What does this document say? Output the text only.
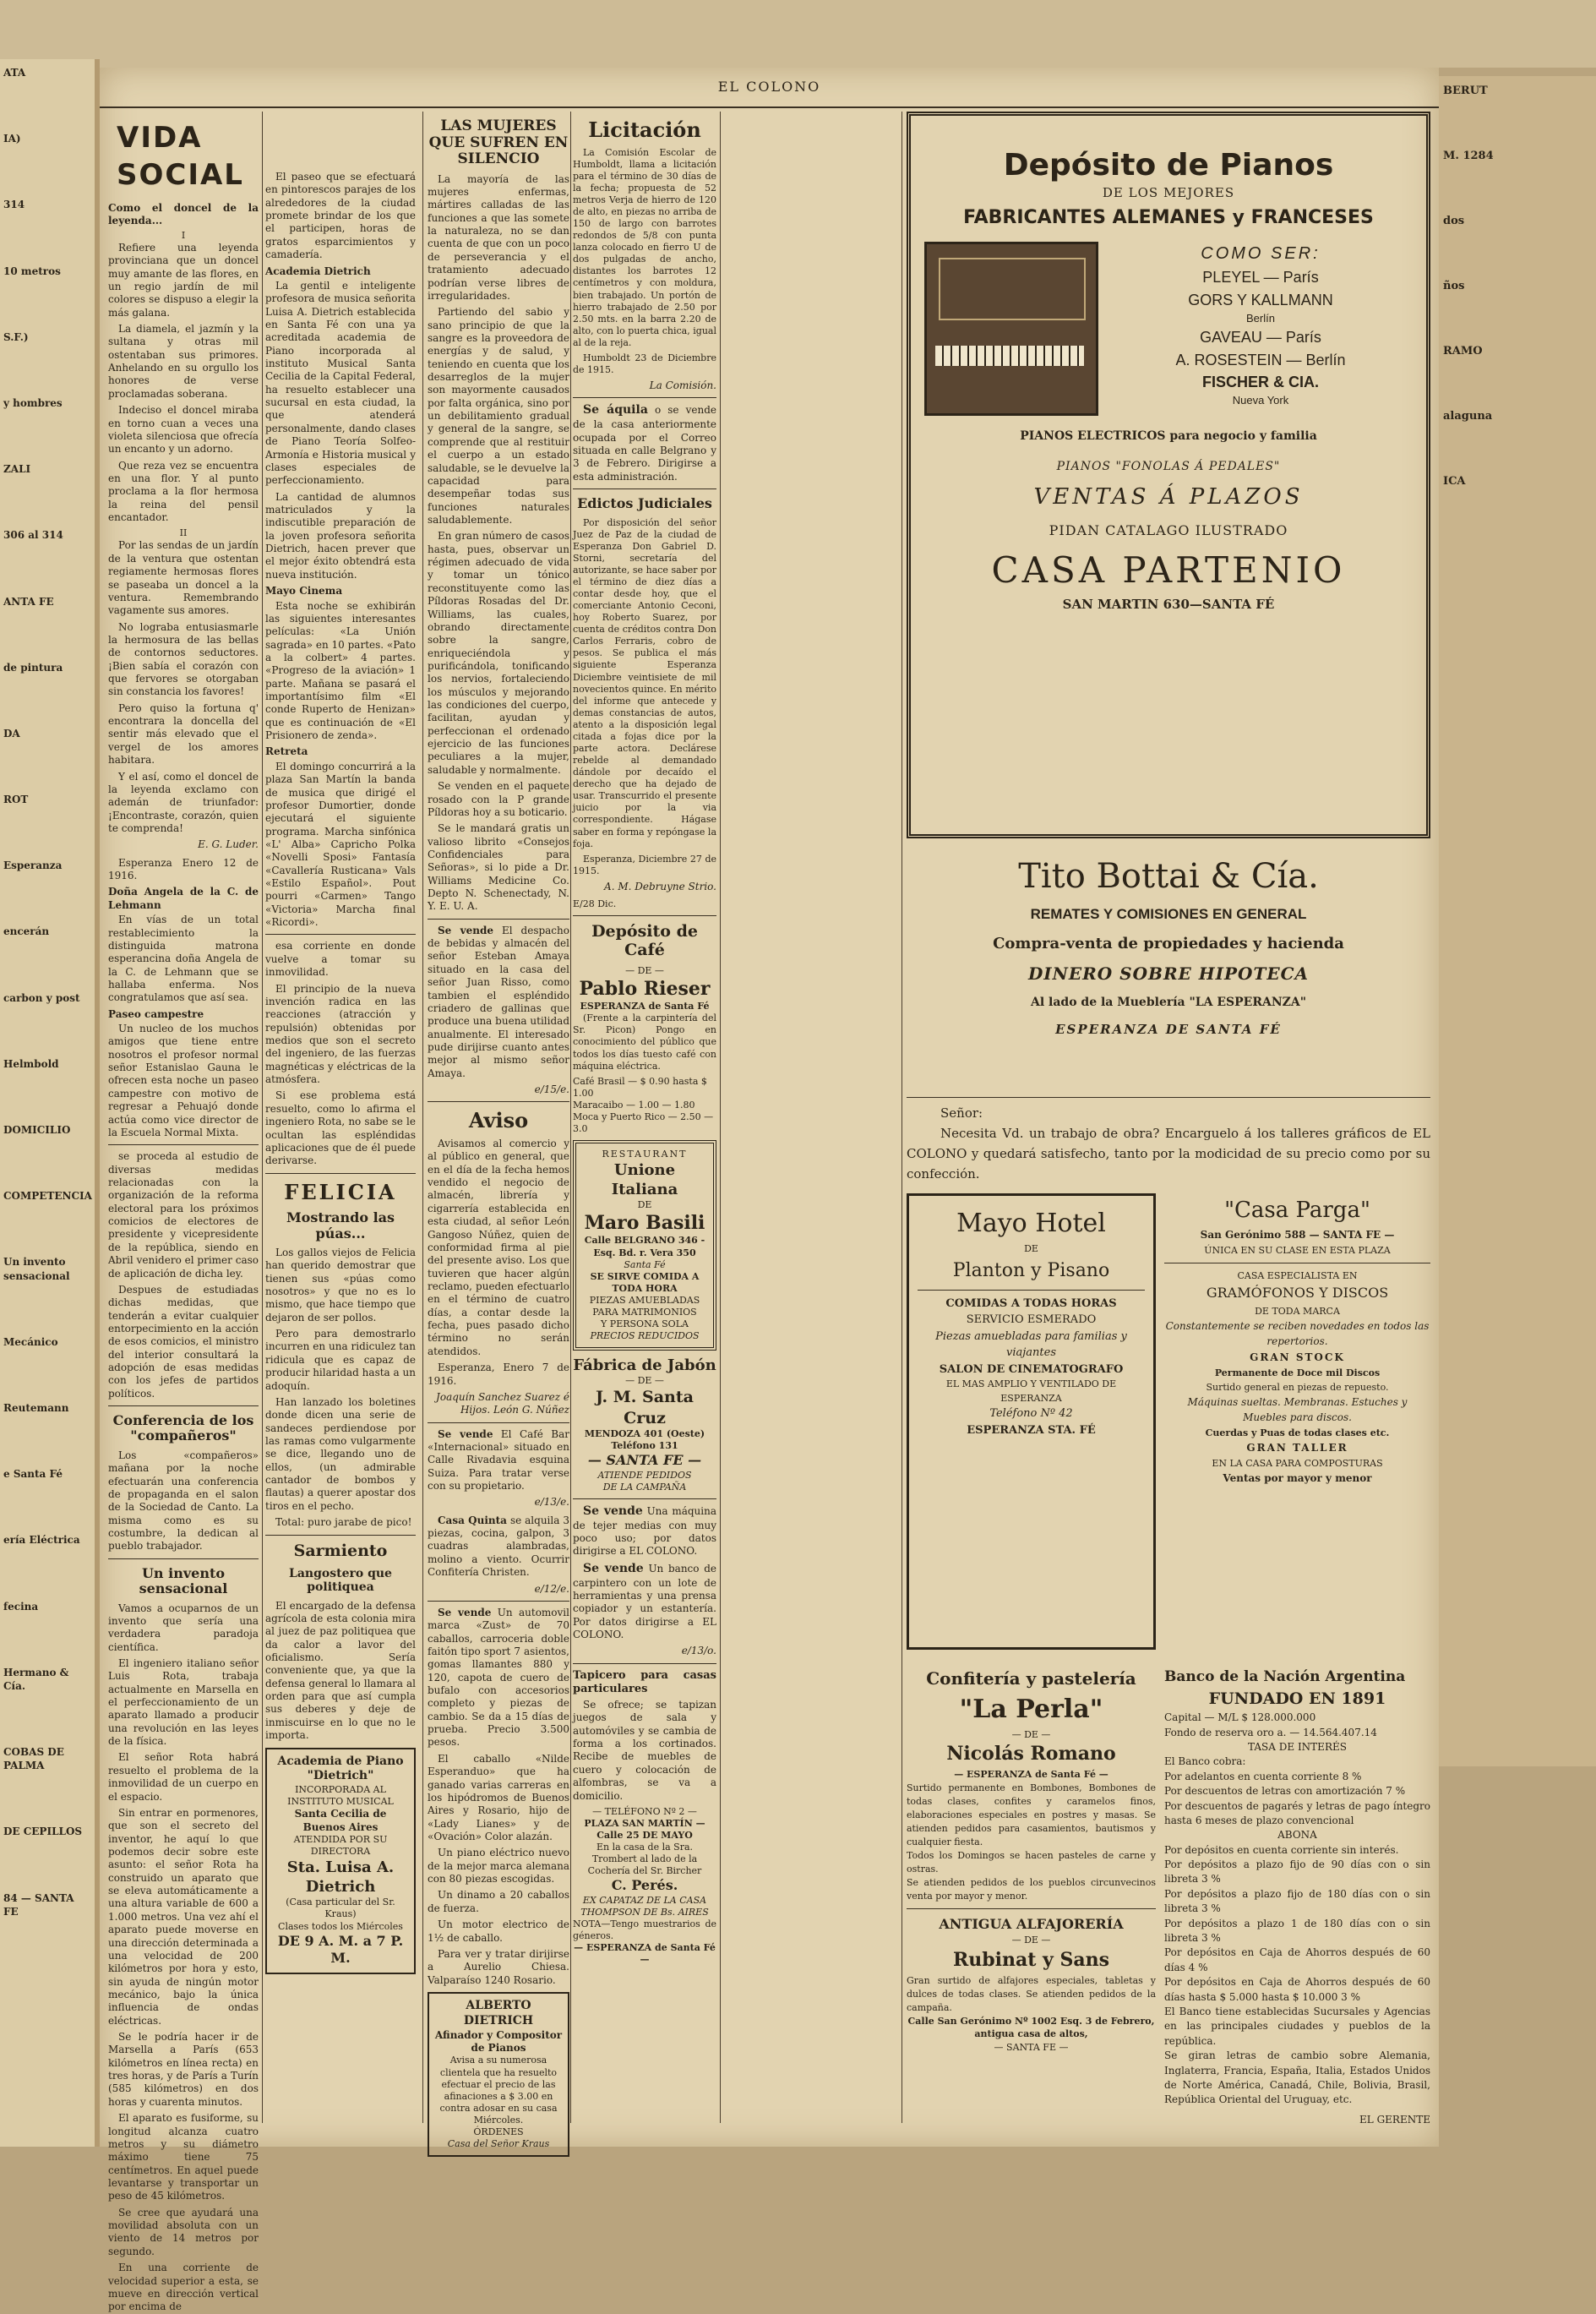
ATA
IA)
314
10 metros
S.F.)
y hombres
ZALI
306 al 314
ANTA FE
de pintura
DA
ROT
Esperanza
encerán
carbon y post
Helmbold
DOMICILIO
COMPETENCIA
Un invento sensacional
Mecánico
Reutemann
e Santa Fé
ería Eléctrica
fecina
Hermano & Cía.
COBAS DE PALMA
DE CEPILLOS
84 — SANTA FE
BERUT
M. 1284
dos
ños
RAMO
alaguna
ICA
EL COLONO
VIDA SOCIAL
Como el doncel de la leyenda...
I
Refiere una leyenda provinciana que un doncel muy amante de las flores, en un regio jardín de mil colores se dispuso a elegir la más galana.
La diamela, el jazmín y la sultana y otras mil ostentaban sus primores. Anhelando en su orgullo los honores de verse proclamadas soberana.
Indeciso el doncel miraba en torno cuan a veces una violeta silenciosa que ofrecía un encanto y un adorno.
Que reza vez se encuentra en una flor. Y al punto proclama a la flor hermosa la reina del pensil encantador.
II
Por las sendas de un jardín de la ventura que ostentan regiamente hermosas flores se paseaba un doncel a la ventura. Remembrando vagamente sus amores.
No lograba entusiasmarle la hermosura de las bellas de contornos seductores. ¡Bien sabía el corazón con que fervores se otorgaban sin constancia los favores!
Pero quiso la fortuna q' encontrara la doncella del sentir más elevado que el vergel de los amores habitara.
Y el así, como el doncel de la leyenda exclamo con ademán de triunfador: ¡Encontraste, corazón, quien te comprenda!
E. G. Luder.
Esperanza Enero 12 de 1916.
Doña Angela de la C. de Lehmann
En vías de un total restablecimiento la distinguida matrona esperancina doña Angela de la C. de Lehmann que se hallaba enferma. Nos congratulamos que así sea.
Paseo campestre
Un nucleo de los muchos amigos que tiene entre nosotros el profesor normal señor Estanislao Gauna le ofrecen esta noche un paseo campestre con motivo de regresar a Pehuajó donde actúa como vice director de la Escuela Normal Mixta.
se proceda al estudio de diversas medidas relacionadas con la organización de la reforma electoral para los próximos comicios de electores de presidente y vicepresidente de la república, siendo en Abril venidero el primer caso de aplicación de dicha ley.
Despues de estudiadas dichas medidas, que tenderán a evitar cualquier entorpecimiento en la acción de esos comicios, el ministro del interior consultará la adopción de esas medidas con los jefes de partidos políticos.
Conferencia de los "compañeros"
Los «compañeros» mañana por la noche efectuarán una conferencia de propaganda en el salon de la Sociedad de Canto. La misma como es su costumbre, la dedican al pueblo trabajador.
Un invento sensacional
Vamos a ocuparnos de un invento que sería una verdadera paradoja científica.
El ingeniero italiano señor Luis Rota, trabaja actualmente en Marsella en el perfeccionamiento de un aparato llamado a producir una revolución en las leyes de la física.
El señor Rota habrá resuelto el problema de la inmovilidad de un cuerpo en el espacio.
Sin entrar en pormenores, que son el secreto del inventor, he aquí lo que podemos decir sobre este asunto: el señor Rota ha construido un aparato que se eleva automáticamente a una altura variable de 600 a 1.000 metros. Una vez ahí el aparato puede moverse en una dirección determinada a una velocidad de 200 kilómetros por hora y esto, sin ayuda de ningún motor mecánico, bajo la única influencia de ondas eléctricas.
Se le podría hacer ir de Marsella a París (653 kilómetros en línea recta) en tres horas, y de París a Turín (585 kilómetros) en dos horas y cuarenta minutos.
El aparato es fusiforme, su longitud alcanza cuatro metros y su diámetro máximo tiene 75 centímetros. En aquel puede levantarse y transportar un peso de 45 kilómetros.
Se cree que ayudará una movilidad absoluta con un viento de 14 metros por segundo.
En una corriente de velocidad superior a esta, se mueve en dirección vertical por encima de
El paseo que se efectuará en pintorescos parajes de los alrededores de la ciudad promete brindar de los que el participen, horas de gratos esparcimientos y camadería.
Academia Dietrich
La gentil e inteligente profesora de musica señorita Luisa A. Dietrich establecida en Santa Fé con una ya acreditada academia de Piano incorporada al instituto Musical Santa Cecilia de la Capital Federal, ha resuelto establecer una sucursal en esta ciudad, la que atenderá personalmente, dando clases de Piano Teoría Solfeo-Armonía e Historia musical y clases especiales de perfeccionamiento.
La cantidad de alumnos matriculados y la indiscutible preparación de la joven profesora señorita Dietrich, hacen prever que el mejor éxito obtendrá esta nueva institución.
Mayo Cinema
Esta noche se exhibirán las siguientes interesantes películas: «La Unión sagrada» en 10 partes. «Pato a la colbert» 4 partes. «Progreso de la aviación» 1 parte. Mañana se pasará el importantísimo film «El conde Ruperto de Henizan» que es continuación de «El Prisionero de zenda».
Retreta
El domingo concurrirá a la plaza San Martín la banda de musica que dirigé el profesor Dumortier, donde ejecutará el siguiente programa. Marcha sinfónica «L' Alba» Capricho Polka «Novelli Sposi» Fantasía «Cavallería Rusticana» Vals «Estilo Español». Pout pourri «Carmen» Tango «Victoria» Marcha final «Ricordi».
esa corriente en donde vuelve a tomar su inmovilidad.
El principio de la nueva invención radica en las reacciones (atracción y repulsión) obtenidas por medios que son el secreto del ingeniero, de las fuerzas magnéticas y eléctricas de la atmósfera.
Si ese problema está resuelto, como lo afirma el ingeniero Rota, no sabe se le ocultan las espléndidas aplicaciones que de él puede derivarse.
FELICIA
Mostrando las púas...
Los gallos viejos de Felicia han querido demostrar que tienen sus «púas como nosotros» y que no es lo mismo, que hace tiempo que dejaron de ser pollos.
Pero para demostrarlo incurren en una ridiculez tan ridicula que es capaz de producir hilaridad hasta a un adoquín.
Han lanzado los boletines donde dicen una serie de sandeces perdiendose por las ramas como vulgarmente se dice, llegando uno de ellos, (un admirable cantador de bombos y flautas) a querer apostar dos tiros en el pecho.
Total: puro jarabe de pico!
Sarmiento
Langostero que politiquea
El encargado de la defensa agrícola de esta colonia mira al juez de paz politiquea que da calor a lavor del oficialismo. Sería conveniente que, ya que la defensa general lo llamara al orden para que así cumpla sus deberes y deje de inmiscuirse en lo que no le importa.
Academia de Piano "Dietrich"
INCORPORADA AL INSTITUTO MUSICAL
Santa Cecilia de Buenos Aires
ATENDIDA POR SU DIRECTORA
Sta. Luisa A. Dietrich
(Casa particular del Sr. Kraus)
Clases todos los Miércoles
DE 9 A. M. a 7 P. M.
LAS MUJERES QUE SUFREN EN SILENCIO
La mayoría de las mujeres enfermas, mártires calladas de las funciones a que las somete la naturaleza, no se dan cuenta de que con un poco de perseverancia y el tratamiento adecuado podrían verse libres de irregularidades.
Partiendo del sabio y sano principio de que la sangre es la proveedora de energías y de salud, y teniendo en cuenta que los desarreglos de la mujer son mayormente causados por falta orgánica, sino por un debilitamiento gradual y general de la sangre, se comprende que al restituir el cuerpo a un estado saludable, se le devuelve la capacidad para desempeñar todas sus funciones naturales saludablemente.
En gran número de casos hasta, pues, observar un régimen adecuado de vida y tomar un tónico reconstituyente como las Píldoras Rosadas del Dr. Williams, las cuales, obrando directamente sobre la sangre, enriqueciéndola y purificándola, tonificando los nervios, fortaleciendo los músculos y mejorando las condiciones del cuerpo, facilitan, ayudan y perfeccionan el ordenado ejercicio de las funciones peculiares a la mujer, saludable y normalmente.
Se venden en el paquete rosado con la P grande Píldoras hoy a su boticario.
Se le mandará gratis un valioso librito «Consejos Confidenciales para Señoras», si lo pide a Dr. Williams Medicine Co. Depto N. Schenectady, N. Y. E. U. A.
Se vende El despacho de bebidas y almacén del señor Esteban Amaya situado en la casa del señor Juan Risso, como tambien el espléndido criadero de gallinas que produce una buena utilidad anualmente. El interesado pude dirijirse cuanto antes mejor al mismo señor Amaya.
e/15/e.
Aviso
Avisamos al comercio y al público en general, que en el día de la fecha hemos vendido el negocio de almacén, librería y cigarrería establecida en esta ciudad, al señor León Gangoso Núñez, quien de conformidad firma al pie del presente aviso. Los que tuvieren que hacer algún reclamo, pueden efectuarlo en el término de cuatro días, a contar desde la fecha, pues pasado dicho término no serán atendidos.
Esperanza, Enero 7 de 1916.
Joaquín Sanchez Suarez é Hijos. León G. Núñez
Se vende El Café Bar «Internacional» situado en Calle Rivadavia esquina Suiza. Para tratar verse con su propietario.
e/13/e.
Casa Quinta se alquila 3 piezas, cocina, galpon, 3 cuadras alambradas, molino a viento. Ocurrir Confitería Christen.
e/12/e.
Se vende Un automovil marca «Zust» de 70 caballos, carroceria doble faitón tipo sport 7 asientos, gomas llamantes 880 y 120, capota de cuero de bufalo con accesorios completo y piezas de cambio. Se da a 15 días de prueba. Precio 3.500 pesos.
El caballo «Nilde Esperanduo» que ha ganado varias carreras en los hipódromos de Buenos Aires y Rosario, hijo de «Lady Lianes» y de «Ovación» Color alazán.
Un piano eléctrico nuevo de la mejor marca alemana con 80 piezas escogidas.
Un dinamo a 20 caballos de fuerza.
Un motor electrico de 1½ de caballo.
Para ver y tratar dirijirse a Aurelio Chiesa. Valparaíso 1240 Rosario.
ALBERTO DIETRICH
Afinador y Compositor de Pianos
Avisa a su numerosa clientela que ha resuelto efectuar el precio de las afinaciones a $ 3.00 en contra adosar en su casa Miércoles.
ÓRDENES
Casa del Señor Kraus
Licitación
La Comisión Escolar de Humboldt, llama a licitación para el término de 30 días de la fecha; propuesta de 52 metros Verja de hierro de 120 de alto, en piezas no arriba de 150 de largo con barrotes redondos de 5/8 con punta lanza colocado en fierro U de dos pulgadas de ancho, distantes los barrotes 12 centímetros y con moldura, bien trabajado. Un portón de hierro trabajado de 2.50 por 2.50 mts. en la barra 2.20 de alto, con lo puerta chica, igual al de la reja.
Humboldt 23 de Diciembre de 1915.
La Comisión.
Se áquila o se vende de la casa anteriormente ocupada por el Correo situada en calle Belgrano y 3 de Febrero. Dirigirse a esta administración.
Edictos Judiciales
Por disposición del señor Juez de Paz de la ciudad de Esperanza Don Gabriel D. Storni, secretaría del autorizante, se hace saber por el término de diez días a contar desde hoy, que el comerciante Antonio Ceconi, hoy Roberto Suarez, por cuenta de créditos contra Don Carlos Ferraris, cobro de pesos. Se publica el más siguiente Esperanza Diciembre veintisiete de mil novecientos quince. En mérito del informe que antecede y demas constancias de autos, atento a la disposición legal citada a fojas dice por la parte actora. Declárese rebelde al demandado dándole por decaído el derecho que ha dejado de usar. Transcurrido el presente juicio por la via correspondiente. Hágase saber en forma y repóngase la foja.
Esperanza, Diciembre 27 de 1915.
A. M. Debruyne Strio.
E/28 Dic.
Depósito de Café
— DE —
Pablo Rieser
ESPERANZA de Santa Fé
(Frente a la carpintería del Sr. Picon) Pongo en conocimiento del público que todos los días tuesto café con máquina eléctrica.
Café Brasil — $ 0.90 hasta $ 1.00
Maracaibo — 1.00 — 1.80
Moca y Puerto Rico — 2.50 — 3.0
RESTAURANT
Unione Italiana
DE
Maro Basili
Calle BELGRANO 346 - Esq. Bd. r. Vera 350
Santa Fé
SE SIRVE COMIDA A TODA HORA
PIEZAS AMUEBLADAS
PARA MATRIMONIOS
Y PERSONA SOLA
PRECIOS REDUCIDOS
Fábrica de Jabón
— DE —
J. M. Santa Cruz
MENDOZA 401 (Oeste) Teléfono 131
— SANTA FE —
ATIENDE PEDIDOS
DE LA CAMPAÑA
Se vende Una máquina de tejer medias con muy poco uso; por datos dirigirse a EL COLONO.
Se vende Un banco de carpintero con un lote de herramientas y una prensa copiador y un estantería. Por datos dirigirse a EL COLONO.
e/13/o.
Tapicero para casas particulares
Se ofrece; se tapizan juegos de sala y automóviles y se cambia de forma a los cortinados. Recibe de muebles de cuero y colocación de alfombras, se va a domicilio.
— TELÉFONO Nº 2 —
PLAZA SAN MARTÍN — Calle 25 DE MAYO
En la casa de la Sra. Trombert al lado de la Cochería del Sr. Bircher
C. Perés.
EX CAPATAZ DE LA CASA THOMPSON DE Bs. AIRES
NOTA—Tengo muestrarios de géneros.
— ESPERANZA de Santa Fé —
Depósito de Pianos
DE LOS MEJORES
FABRICANTES ALEMANES y FRANCESES
COMO SER:
PLEYEL — París
GORS Y KALLMANN
Berlín
GAVEAU — París
A. ROSESTEIN — Berlín
FISCHER & CIA.
Nueva York
PIANOS ELECTRICOS para negocio y familia
PIANOS "FONOLAS Á PEDALES"
VENTAS Á PLAZOS
PIDAN CATALAGO ILUSTRADO
CASA PARTENIO
SAN MARTIN 630—SANTA FÉ
Tito Bottai & Cía.
REMATES Y COMISIONES EN GENERAL
Compra-venta de propiedades y hacienda
DINERO SOBRE HIPOTECA
Al lado de la Mueblería "LA ESPERANZA"
ESPERANZA DE SANTA FÉ
Señor:
Necesita Vd. un trabajo de obra? Encarguelo á los talleres gráficos de EL COLONO y quedará satisfecho, tanto por la modicidad de su precio como por su confección.
Mayo Hotel
DE
Planton y Pisano
COMIDAS A TODAS HORAS
SERVICIO ESMERADO
Piezas amuebladas para familias y viajantes
SALON DE CINEMATOGRAFO
EL MAS AMPLIO Y VENTILADO DE ESPERANZA
Teléfono Nº 42
ESPERANZA STA. FÉ
"Casa Parga"
San Gerónimo 588 — SANTA FE —
ÚNICA EN SU CLASE EN ESTA PLAZA
CASA ESPECIALISTA EN
GRAMÓFONOS Y DISCOS
DE TODA MARCA
Constantemente se reciben novedades en todos las repertorios.
GRAN STOCK
Permanente de Doce mil Discos
Surtido general en piezas de repuesto.
Máquinas sueltas. Membranas. Estuches y Muebles para discos.
Cuerdas y Puas de todas clases etc.
GRAN TALLER
EN LA CASA PARA COMPOSTURAS
Ventas por mayor y menor
Confitería y pastelería
"La Perla"
— DE —
Nicolás Romano
— ESPERANZA de Santa Fé —
Surtido permanente en Bombones, Bombones de todas clases, confites y caramelos finos, elaboraciones especiales en postres y masas. Se atienden pedidos para casamientos, bautismos y cualquier fiesta.
Todos los Domingos se hacen pasteles de carne y ostras.
Se atienden pedidos de los pueblos circunvecinos venta por mayor y menor.
ANTIGUA ALFAJORERÍA
— DE —
Rubinat y Sans
Gran surtido de alfajores especiales, tabletas y dulces de todas clases. Se atienden pedidos de la campaña.
Calle San Gerónimo Nº 1002 Esq. 3 de Febrero, antigua casa de altos,
— SANTA FE —
Banco de la Nación Argentina
FUNDADO EN 1891
Capital — M/L $ 128.000.000
Fondo de reserva oro a. — 14.564.407.14
TASA DE INTERÉS
El Banco cobra:
Por adelantos en cuenta corriente 8 %
Por descuentos de letras con amortización 7 %
Por descuentos de pagarés y letras de pago íntegro hasta 6 meses de plazo convencional
ABONA
Por depósitos en cuenta corriente sin interés.
Por depósitos a plazo fijo de 90 días con o sin libreta 3 %
Por depósitos a plazo fijo de 180 días con o sin libreta 3 %
Por depósitos a plazo 1 de 180 días con o sin libreta 3 %
Por depósitos en Caja de Ahorros después de 60 días 4 %
Por depósitos en Caja de Ahorros después de 60 días hasta $ 5.000 hasta $ 10.000 3 %
El Banco tiene establecidas Sucursales y Agencias en las principales ciudades y pueblos de la república.
Se giran letras de cambio sobre Alemania, Inglaterra, Francia, España, Italia, Estados Unidos de Norte América, Canadá, Chile, Bolivia, Brasil, República Oriental del Uruguay, etc.
EL GERENTE
